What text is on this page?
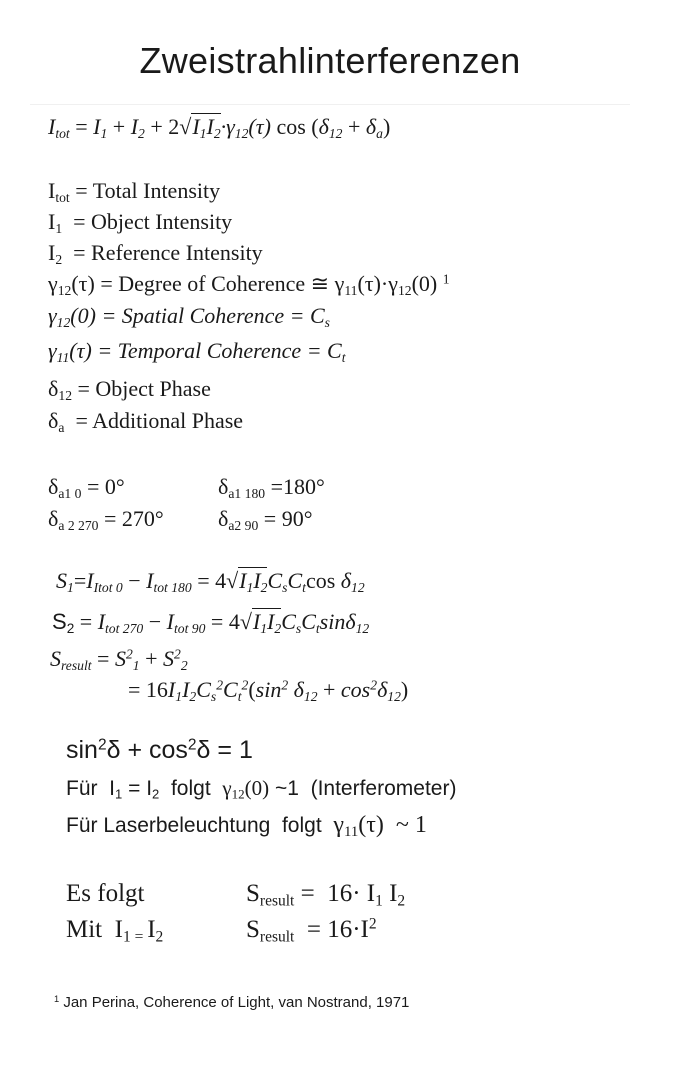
Zweistrahlinterferenzen
$I_{tot} = I_1 + I_2 + 2√I_1I_2\cdot\gamma_{12}(\tau)$ $\cos (\delta_{12} + \delta_a)$
$I_{tot}$ = Total Intensity
$I_1$  = Object Intensity
$I_2$  = Reference Intensity
$\gamma_{12}(\tau)$ = Degree of Coherence ≅ $\gamma_{11}(\tau)\cdot\gamma_{12}(0)$ $^1$
$\gamma_{12}(0)$ = Spatial Coherence = $C_s$
$\gamma_{11}(\tau)$ = Temporal Coherence = $C_t$
$\delta_{12}$ = Object Phase
$\delta_a$  = Additional Phase
$\delta_{a1 0} = 0^\circ$	$\delta_{a1 180} =180^\circ$
$\delta_{a 2 270} = 270^\circ$ $\delta_{a2 90} = 90^\circ$
$S_1=I_{Itot 0} - I_{tot 180} = 4√I_1I_2C_sC_t\cos$ $\delta_{12}$
$S_2 = I_{tot 270} - I_{tot 90} = 4√I_1I_2C_sC_t\sin\delta_{12}$
$S_{result} = S^2_1 + S^2_2$
= $16I_1I_2C_s^2C_t^2(\sin^2$ $\delta_{12} + \cos^2\delta_{12}$)
$\sin^2\delta + \cos^2\delta = 1$
Für  $I_1 = I_2$  folgt  $\gamma_{12}(0)$ ~1  (Interferometer)
Für Laserbeleuchtung  folgt  $\gamma_{11}(\tau)$  ~ 1
Es folgt	$S_{result} = 16\cdot I_1$ $I_2$
Mit  $I_{1 =}$ $I_2$	$S_{result} = 16\cdot I^2$
$^1$ Jan Perina, Coherence of Light, van Nostrand, 1971
